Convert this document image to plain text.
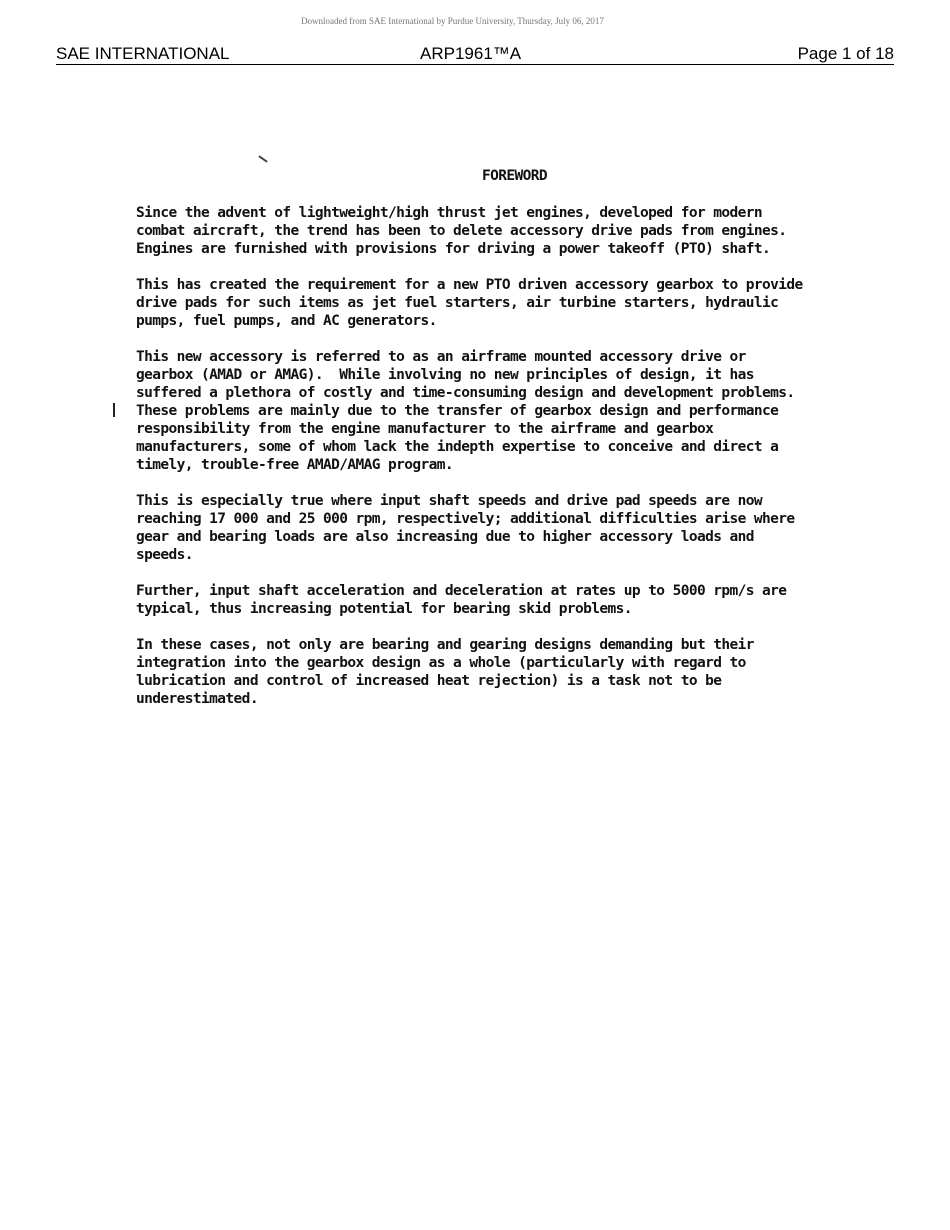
Downloaded from SAE International by Purdue University, Thursday, July 06, 2017
SAE INTERNATIONAL	ARP1961™A	Page 1 of 18
FOREWORD
Since the advent of lightweight/high thrust jet engines, developed for modern
combat aircraft, the trend has been to delete accessory drive pads from engines.
Engines are furnished with provisions for driving a power takeoff (PTO) shaft.
This has created the requirement for a new PTO driven accessory gearbox to provide
drive pads for such items as jet fuel starters, air turbine starters, hydraulic
pumps, fuel pumps, and AC generators.
This new accessory is referred to as an airframe mounted accessory drive or
gearbox (AMAD or AMAG).  While involving no new principles of design, it has
suffered a plethora of costly and time-consuming design and development problems.
These problems are mainly due to the transfer of gearbox design and performance
responsibility from the engine manufacturer to the airframe and gearbox
manufacturers, some of whom lack the indepth expertise to conceive and direct a
timely, trouble-free AMAD/AMAG program.
This is especially true where input shaft speeds and drive pad speeds are now
reaching 17 000 and 25 000 rpm, respectively; additional difficulties arise where
gear and bearing loads are also increasing due to higher accessory loads and
speeds.
Further, input shaft acceleration and deceleration at rates up to 5000 rpm/s are
typical, thus increasing potential for bearing skid problems.
In these cases, not only are bearing and gearing designs demanding but their
integration into the gearbox design as a whole (particularly with regard to
lubrication and control of increased heat rejection) is a task not to be
underestimated.
